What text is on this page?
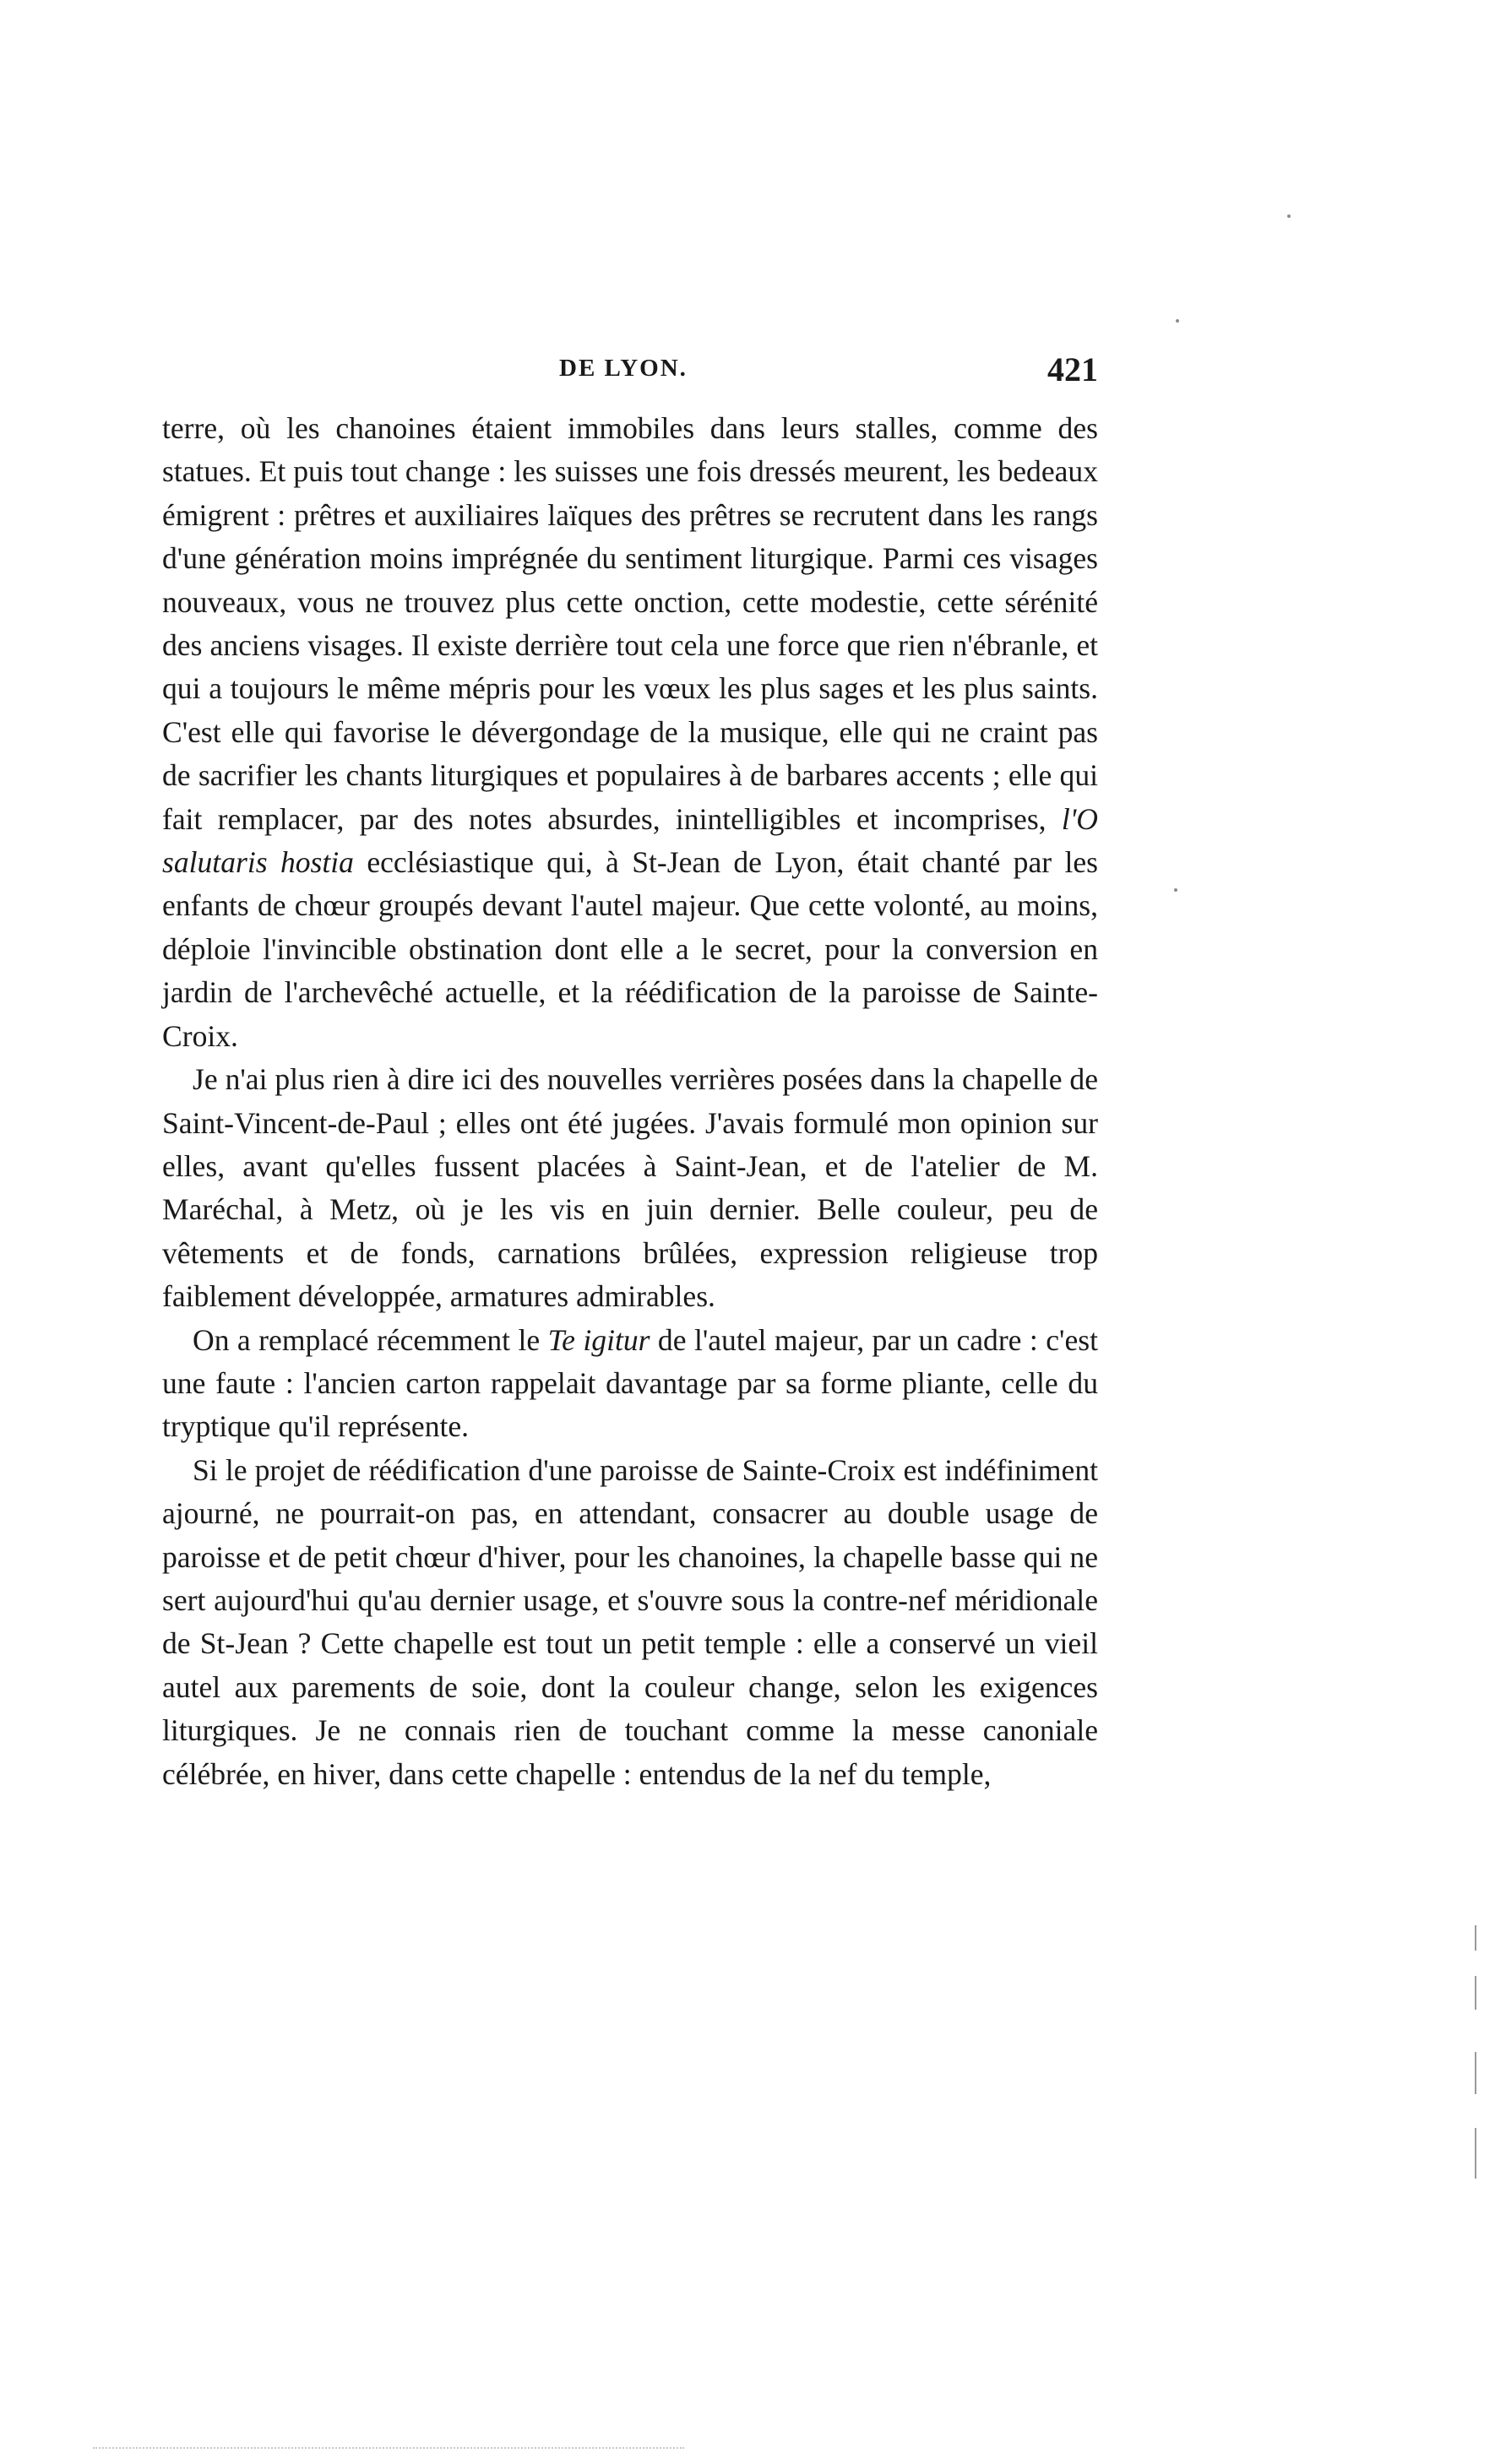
DE LYON.	421

terre, où les chanoines étaient immobiles dans leurs stalles, comme des statues. Et puis tout change : les suisses une fois dressés meurent, les bedeaux émigrent : prêtres et auxiliaires laïques des prêtres se recrutent dans les rangs d'une génération moins imprégnée du sentiment liturgique. Parmi ces visages nouveaux, vous ne trouvez plus cette onction, cette modestie, cette sérénité des anciens visages. Il existe derrière tout cela une force que rien n'ébranle, et qui a toujours le même mépris pour les vœux les plus sages et les plus saints. C'est elle qui favorise le dévergondage de la musique, elle qui ne craint pas de sacrifier les chants liturgiques et populaires à de barbares accents ; elle qui fait remplacer, par des notes absurdes, inintelligibles et incomprises, l'O salutaris hostia ecclésiastique qui, à St-Jean de Lyon, était chanté par les enfants de chœur groupés devant l'autel majeur. Que cette volonté, au moins, déploie l'invincible obstination dont elle a le secret, pour la conversion en jardin de l'archevêché actuelle, et la réédification de la paroisse de Sainte-Croix.

Je n'ai plus rien à dire ici des nouvelles verrières posées dans la chapelle de Saint-Vincent-de-Paul ; elles ont été jugées. J'avais formulé mon opinion sur elles, avant qu'elles fussent placées à Saint-Jean, et de l'atelier de M. Maréchal, à Metz, où je les vis en juin dernier. Belle couleur, peu de vêtements et de fonds, carnations brûlées, expression religieuse trop faiblement développée, armatures admirables.

On a remplacé récemment le Te igitur de l'autel majeur, par un cadre : c'est une faute : l'ancien carton rappelait davantage par sa forme pliante, celle du tryptique qu'il représente.

Si le projet de réédification d'une paroisse de Sainte-Croix est indéfiniment ajourné, ne pourrait-on pas, en attendant, consacrer au double usage de paroisse et de petit chœur d'hiver, pour les chanoines, la chapelle basse qui ne sert aujourd'hui qu'au dernier usage, et s'ouvre sous la contre-nef méridionale de St-Jean ? Cette chapelle est tout un petit temple : elle a conservé un vieil autel aux parements de soie, dont la couleur change, selon les exigences liturgiques. Je ne connais rien de touchant comme la messe canoniale célébrée, en hiver, dans cette chapelle : entendus de la nef du temple,
